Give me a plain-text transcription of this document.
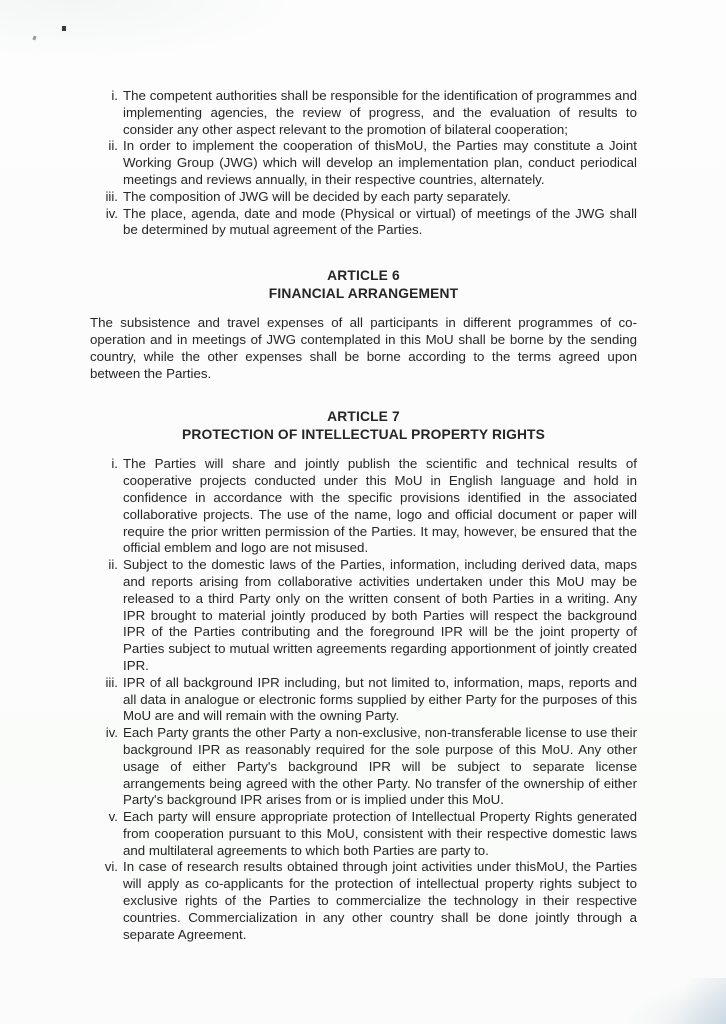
i. The competent authorities shall be responsible for the identification of programmes and implementing agencies, the review of progress, and the evaluation of results to consider any other aspect relevant to the promotion of bilateral cooperation;
ii. In order to implement the cooperation of thisMoU, the Parties may constitute a Joint Working Group (JWG) which will develop an implementation plan, conduct periodical meetings and reviews annually, in their respective countries, alternately.
iii. The composition of JWG will be decided by each party separately.
iv. The place, agenda, date and mode (Physical or virtual) of meetings of the JWG shall be determined by mutual agreement of the Parties.
ARTICLE 6
FINANCIAL ARRANGEMENT

The subsistence and travel expenses of all participants in different programmes of co-operation and in meetings of JWG contemplated in this MoU shall be borne by the sending country, while the other expenses shall be borne according to the terms agreed upon between the Parties.

ARTICLE 7
PROTECTION OF INTELLECTUAL PROPERTY RIGHTS
i. The Parties will share and jointly publish the scientific and technical results of cooperative projects conducted under this MoU in English language and hold in confidence in accordance with the specific provisions identified in the associated collaborative projects. The use of the name, logo and official document or paper will require the prior written permission of the Parties. It may, however, be ensured that the official emblem and logo are not misused.
ii. Subject to the domestic laws of the Parties, information, including derived data, maps and reports arising from collaborative activities undertaken under this MoU may be released to a third Party only on the written consent of both Parties in a writing. Any IPR brought to material jointly produced by both Parties will respect the background IPR of the Parties contributing and the foreground IPR will be the joint property of Parties subject to mutual written agreements regarding apportionment of jointly created IPR.
iii. IPR of all background IPR including, but not limited to, information, maps, reports and all data in analogue or electronic forms supplied by either Party for the purposes of this MoU are and will remain with the owning Party.
iv. Each Party grants the other Party a non-exclusive, non-transferable license to use their background IPR as reasonably required for the sole purpose of this MoU. Any other usage of either Party's background IPR will be subject to separate license arrangements being agreed with the other Party. No transfer of the ownership of either Party's background IPR arises from or is implied under this MoU.
v. Each party will ensure appropriate protection of Intellectual Property Rights generated from cooperation pursuant to this MoU, consistent with their respective domestic laws and multilateral agreements to which both Parties are party to.
vi. In case of research results obtained through joint activities under thisMoU, the Parties will apply as co-applicants for the protection of intellectual property rights subject to exclusive rights of the Parties to commercialize the technology in their respective countries. Commercialization in any other country shall be done jointly through a separate Agreement.
